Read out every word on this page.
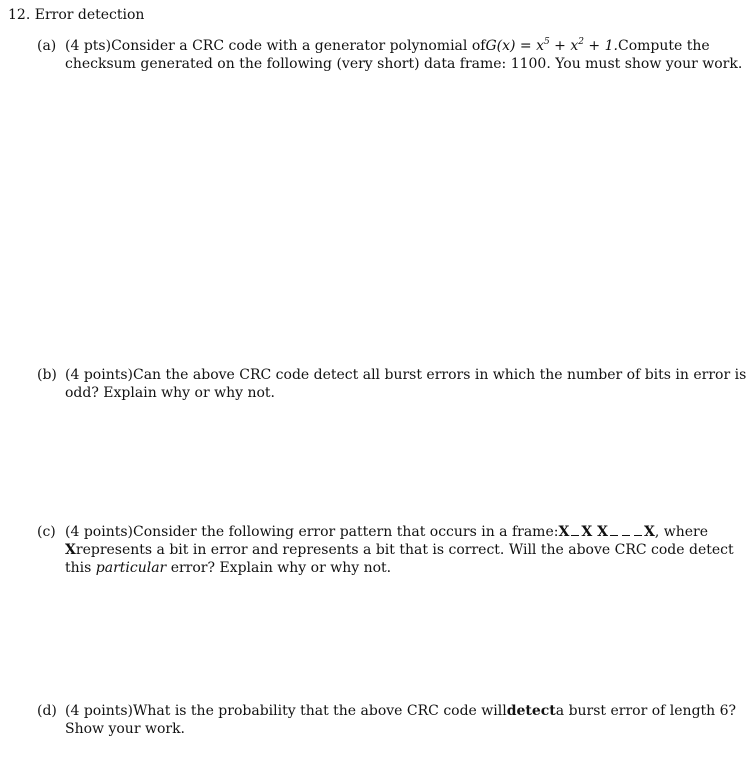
12. Error detection
(a) (4 pts) Consider a CRC code with a generator polynomial of $G(x) = x^5 + x^2 + 1$. Compute the
checksum generated on the following (very short) data frame: 1100. You must show your work.
(b) (4 points) Can the above CRC code detect all burst errors in which the number of bits in error is
odd? Explain why or why not.
(c) (4 points) Consider the following error pattern that occurs in a frame: X X X	X, where
X represents a bit in error and represents a bit that is correct. Will the above CRC code detect
this particular error? Explain why or why not.
(d) (4 points) What is the probability that the above CRC code will detect a burst error of length 6?
Show your work.
